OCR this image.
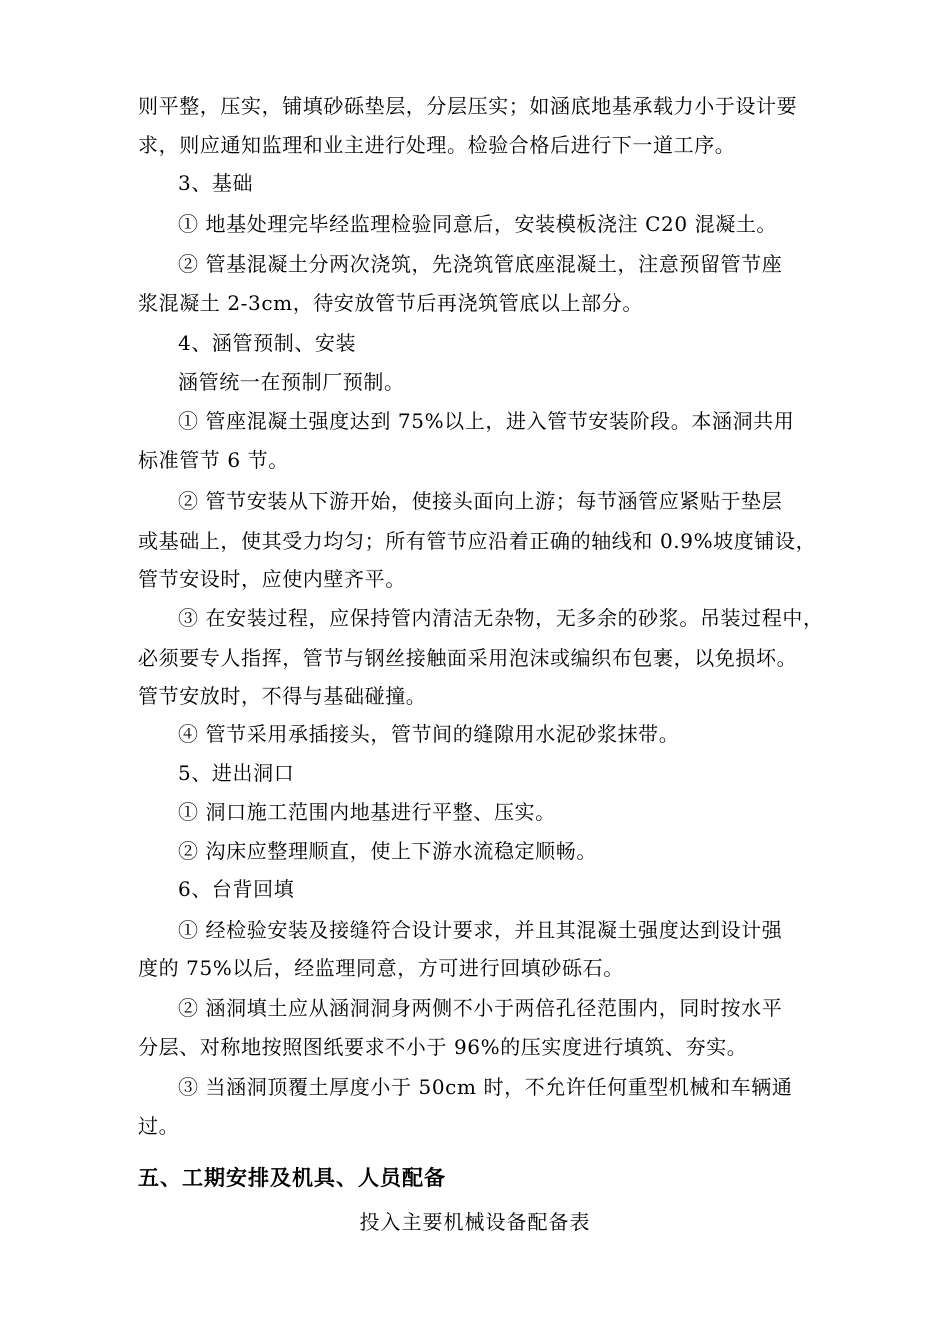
则平整，压实，铺填砂砾垫层，分层压实；如涵底地基承载力小于设计要
求，则应通知监理和业主进行处理。检验合格后进行下一道工序。
3、基础
① 地基处理完毕经监理检验同意后，安装模板浇注 C20 混凝土。
② 管基混凝土分两次浇筑，先浇筑管底座混凝土，注意预留管节座
浆混凝土 2-3cm，待安放管节后再浇筑管底以上部分。
4、涵管预制、安装
涵管统一在预制厂预制。
① 管座混凝土强度达到 75%以上，进入管节安装阶段。本涵洞共用
标准管节 6 节。
② 管节安装从下游开始，使接头面向上游；每节涵管应紧贴于垫层
或基础上，使其受力均匀；所有管节应沿着正确的轴线和 0.9%坡度铺设，
管节安设时，应使内壁齐平。
③ 在安装过程，应保持管内清洁无杂物，无多余的砂浆。吊装过程中，
必须要专人指挥，管节与钢丝接触面采用泡沫或编织布包裹，以免损坏。
管节安放时，不得与基础碰撞。
④ 管节采用承插接头，管节间的缝隙用水泥砂浆抹带。
5、进出洞口
① 洞口施工范围内地基进行平整、压实。
② 沟床应整理顺直，使上下游水流稳定顺畅。
6、台背回填
① 经检验安装及接缝符合设计要求，并且其混凝土强度达到设计强
度的 75%以后，经监理同意，方可进行回填砂砾石。
② 涵洞填土应从涵洞洞身两侧不小于两倍孔径范围内，同时按水平
分层、对称地按照图纸要求不小于 96%的压实度进行填筑、夯实。
③ 当涵洞顶覆土厚度小于 50cm 时，不允许任何重型机械和车辆通
过。
五、工期安排及机具、人员配备
投入主要机械设备配备表
